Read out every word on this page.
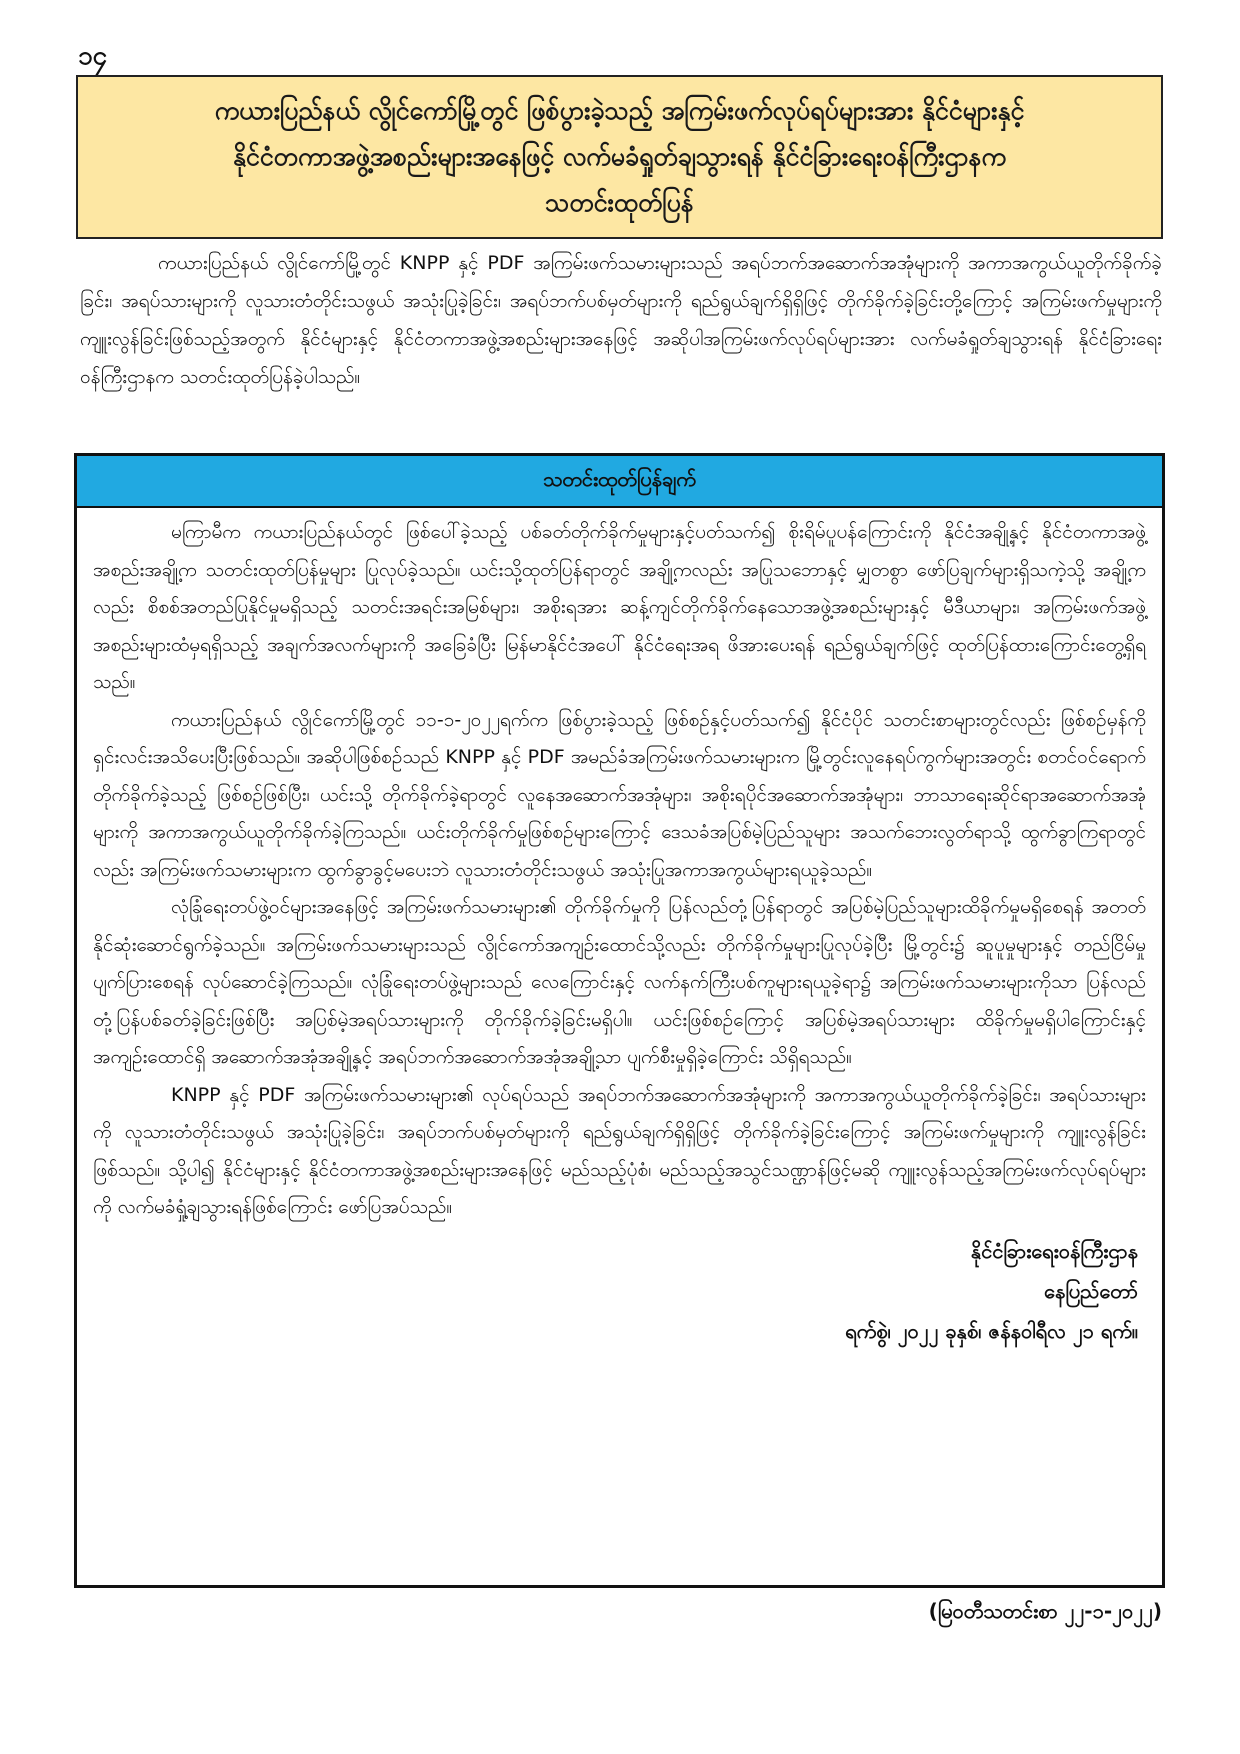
၁၄
ကယားပြည်နယ် လွိုင်ကော်မြို့တွင် ဖြစ်ပွားခဲ့သည့် အကြမ်းဖက်လုပ်ရပ်များအား နိုင်ငံများနှင့်
နိုင်ငံတကာအဖွဲ့အစည်းများအနေဖြင့် လက်မခံရှုတ်ချသွားရန် နိုင်ငံခြားရေးဝန်ကြီးဌာနက
သတင်းထုတ်ပြန်

ကယားပြည်နယ် လွိုင်ကော်မြို့တွင် KNPP နှင့် PDF အကြမ်းဖက်သမားများသည် အရပ်ဘက်အဆောက်အအုံများကို အကာအကွယ်ယူတိုက်ခိုက်ခဲ့ခြင်း၊ အရပ်သားများကို လူသားတံတိုင်းသဖွယ် အသုံးပြုခဲ့ခြင်း၊ အရပ်ဘက်ပစ်မှတ်များကို ရည်ရွယ်ချက်ရှိရှိဖြင့် တိုက်ခိုက်ခဲ့ခြင်းတို့ကြောင့် အကြမ်းဖက်မှုများကို ကျူးလွန်ခြင်းဖြစ်သည့်အတွက် နိုင်ငံများနှင့် နိုင်ငံတကာအဖွဲ့အစည်းများအနေဖြင့် အဆိုပါအကြမ်းဖက်လုပ်ရပ်များအား လက်မခံရှုတ်ချသွားရန် နိုင်ငံခြားရေးဝန်ကြီးဌာနက သတင်းထုတ်ပြန်ခဲ့ပါသည်။

သတင်းထုတ်ပြန်ချက်

မကြာမီက ကယားပြည်နယ်တွင် ဖြစ်ပေါ်ခဲ့သည့် ပစ်ခတ်တိုက်ခိုက်မှုများနှင့်ပတ်သက်၍ စိုးရိမ်ပူပန်ကြောင်းကို နိုင်ငံအချို့နှင့် နိုင်ငံတကာအဖွဲ့အစည်းအချို့က သတင်းထုတ်ပြန်မှုများ ပြုလုပ်ခဲ့သည်။ ယင်းသို့ထုတ်ပြန်ရာတွင် အချို့ကလည်း အပြုသဘောနှင့် မျှတစွာ ဖော်ပြချက်များရှိသကဲ့သို့ အချို့ကလည်း စိစစ်အတည်ပြုနိုင်မှုမရှိသည့် သတင်းအရင်းအမြစ်များ၊ အစိုးရအား ဆန့်ကျင်တိုက်ခိုက်နေသောအဖွဲ့အစည်းများနှင့် မီဒီယာများ၊ အကြမ်းဖက်အဖွဲ့အစည်းများထံမှရရှိသည့် အချက်အလက်များကို အခြေခံပြီး မြန်မာနိုင်ငံအပေါ် နိုင်ငံရေးအရ ဖိအားပေးရန် ရည်ရွယ်ချက်ဖြင့် ထုတ်ပြန်ထားကြောင်းတွေ့ရှိရသည်။

ကယားပြည်နယ် လွိုင်ကော်မြို့တွင် ၁၁-၁-၂၀၂၂ရက်က ဖြစ်ပွားခဲ့သည့် ဖြစ်စဉ်နှင့်ပတ်သက်၍ နိုင်ငံပိုင် သတင်းစာများတွင်လည်း ဖြစ်စဉ်မှန်ကို ရှင်းလင်းအသိပေးပြီးဖြစ်သည်။ အဆိုပါဖြစ်စဉ်သည် KNPP နှင့် PDF အမည်ခံအကြမ်းဖက်သမားများက မြို့တွင်းလူနေရပ်ကွက်များအတွင်း စတင်ဝင်ရောက်တိုက်ခိုက်ခဲ့သည့် ဖြစ်စဉ်ဖြစ်ပြီး၊ ယင်းသို့ တိုက်ခိုက်ခဲ့ရာတွင် လူနေအဆောက်အအုံများ၊ အစိုးရပိုင်အဆောက်အအုံများ၊ ဘာသာရေးဆိုင်ရာအဆောက်အအုံများကို အကာအကွယ်ယူတိုက်ခိုက်ခဲ့ကြသည်။ ယင်းတိုက်ခိုက်မှုဖြစ်စဉ်များကြောင့် ဒေသခံအပြစ်မဲ့ပြည်သူများ အသက်ဘေးလွတ်ရာသို့ ထွက်ခွာကြရာတွင်လည်း အကြမ်းဖက်သမားများက ထွက်ခွာခွင့်မပေးဘဲ လူသားတံတိုင်းသဖွယ် အသုံးပြုအကာအကွယ်များရယူခဲ့သည်။

လုံခြုံရေးတပ်ဖွဲ့ဝင်များအနေဖြင့် အကြမ်းဖက်သမားများ၏ တိုက်ခိုက်မှုကို ပြန်လည်တုံ့ပြန်ရာတွင် အပြစ်မဲ့ပြည်သူများထိခိုက်မှုမရှိစေရန် အတတ်နိုင်ဆုံးဆောင်ရွက်ခဲ့သည်။ အကြမ်းဖက်သမားများသည် လွိုင်ကော်အကျဉ်းထောင်သို့လည်း တိုက်ခိုက်မှုများပြုလုပ်ခဲ့ပြီး မြို့တွင်း၌ ဆူပူမှုများနှင့် တည်ငြိမ်မှုပျက်ပြားစေရန် လုပ်ဆောင်ခဲ့ကြသည်။ လုံခြုံရေးတပ်ဖွဲ့များသည် လေကြောင်းနှင့် လက်နက်ကြီးပစ်ကူများရယူခဲ့ရာ၌ အကြမ်းဖက်သမားများကိုသာ ပြန်လည်တုံ့ပြန်ပစ်ခတ်ခဲ့ခြင်းဖြစ်ပြီး အပြစ်မဲ့အရပ်သားများကို တိုက်ခိုက်ခဲ့ခြင်းမရှိပါ။ ယင်းဖြစ်စဉ်ကြောင့် အပြစ်မဲ့အရပ်သားများ ထိခိုက်မှုမရှိပါကြောင်းနှင့် အကျဉ်းထောင်ရှိ အဆောက်အအုံအချို့နှင့် အရပ်ဘက်အဆောက်အအုံအချို့သာ ပျက်စီးမှုရှိခဲ့ကြောင်း သိရှိရသည်။

KNPP နှင့် PDF အကြမ်းဖက်သမားများ၏ လုပ်ရပ်သည် အရပ်ဘက်အဆောက်အအုံများကို အကာအကွယ်ယူတိုက်ခိုက်ခဲ့ခြင်း၊ အရပ်သားများကို လူသားတံတိုင်းသဖွယ် အသုံးပြုခဲ့ခြင်း၊ အရပ်ဘက်ပစ်မှတ်များကို ရည်ရွယ်ချက်ရှိရှိဖြင့် တိုက်ခိုက်ခဲ့ခြင်းကြောင့် အကြမ်းဖက်မှုများကို ကျူးလွန်ခြင်းဖြစ်သည်။ သို့ပါ၍ နိုင်ငံများနှင့် နိုင်ငံတကာအဖွဲ့အစည်းများအနေဖြင့် မည်သည့်ပုံစံ၊ မည်သည့်အသွင်သဏ္ဌာန်ဖြင့်မဆို ကျူးလွန်သည့်အကြမ်းဖက်လုပ်ရပ်များကို လက်မခံရှုံ့ချသွားရန်ဖြစ်ကြောင်း ဖော်ပြအပ်သည်။

နိုင်ငံခြားရေးဝန်ကြီးဌာန
နေပြည်တော်
ရက်စွဲ၊ ၂၀၂၂ ခုနှစ်၊ ဇန်နဝါရီလ ၂၁ ရက်။
(မြဝတီသတင်းစာ ၂၂-၁-၂၀၂၂)
